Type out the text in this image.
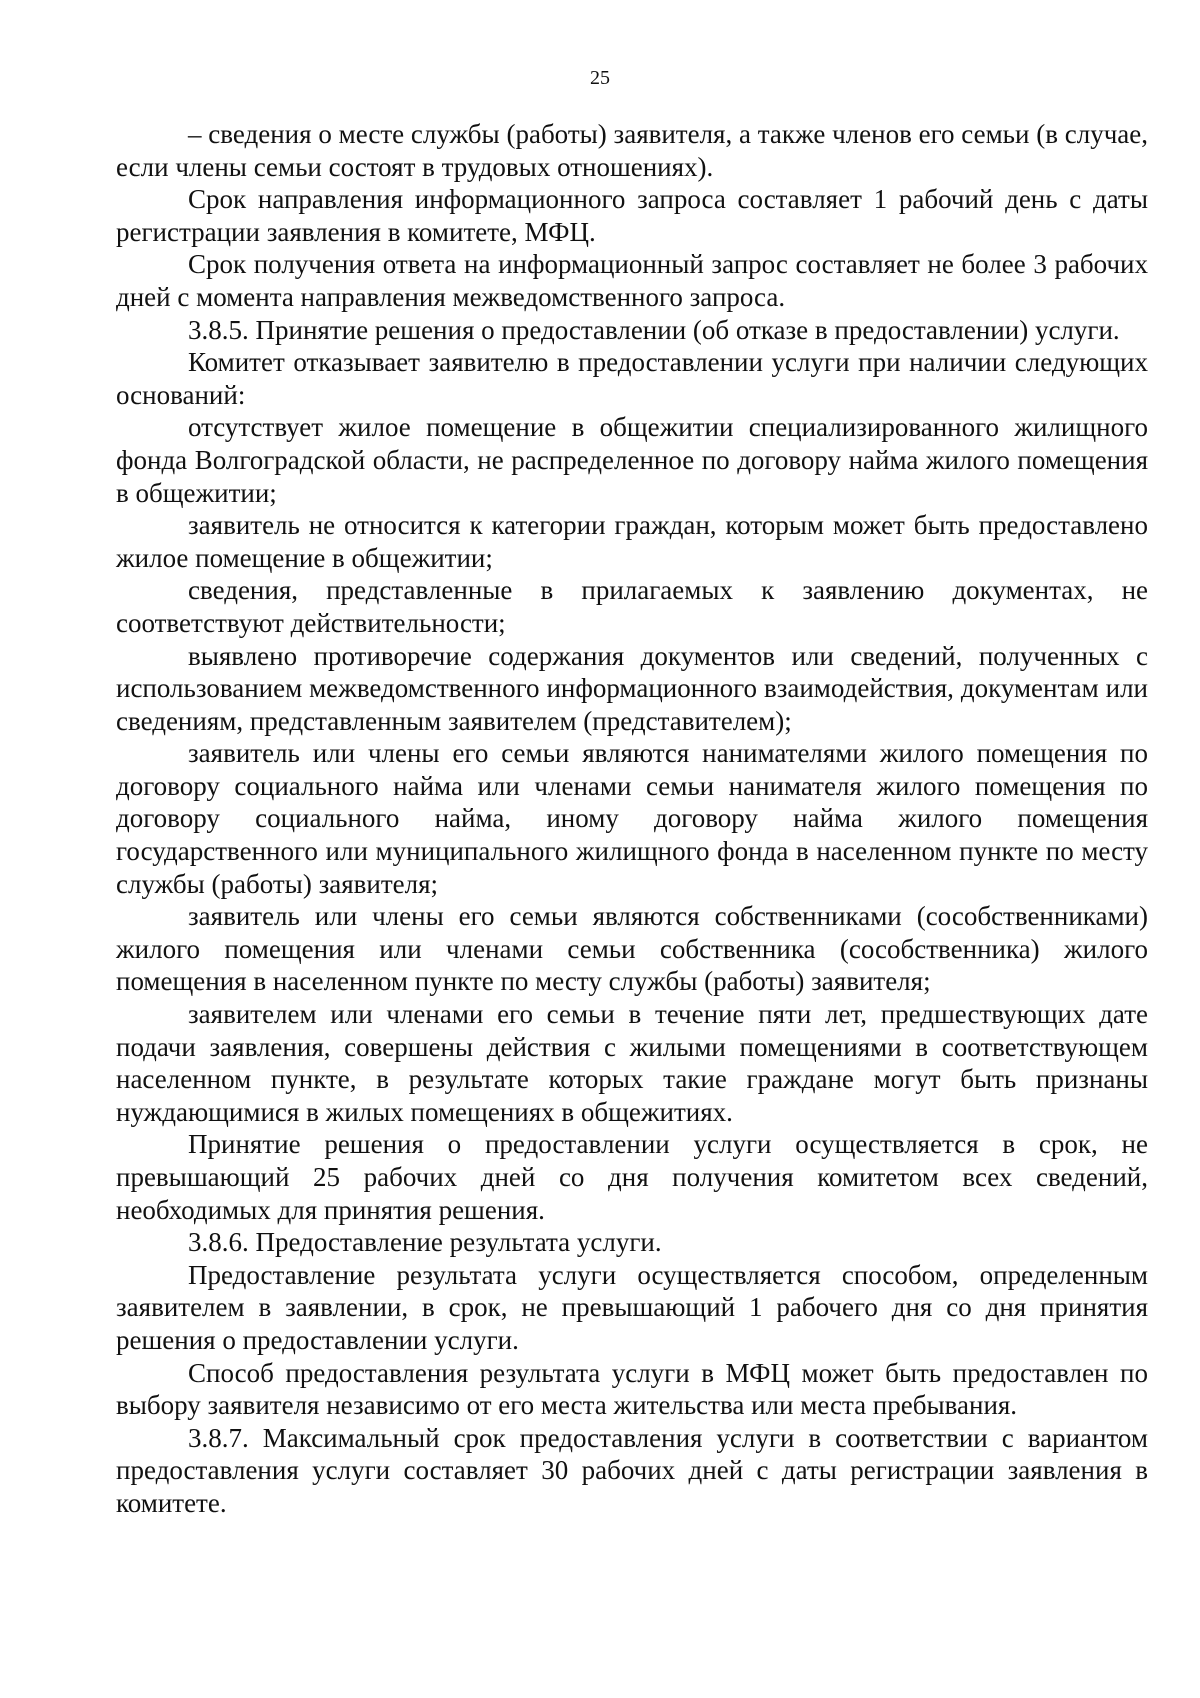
25

– сведения о месте службы (работы) заявителя, а также членов его семьи (в случае, если члены семьи состоят в трудовых отношениях).

Срок направления информационного запроса составляет 1 рабочий день с даты регистрации заявления в комитете, МФЦ.

Срок получения ответа на информационный запрос составляет не более 3 рабочих дней с момента направления межведомственного запроса.

3.8.5. Принятие решения о предоставлении (об отказе в предоставлении) услуги.

Комитет отказывает заявителю в предоставлении услуги при наличии следующих оснований:

отсутствует жилое помещение в общежитии специализированного жилищного фонда Волгоградской области, не распределенное по договору найма жилого помещения в общежитии;

заявитель не относится к категории граждан, которым может быть предоставлено жилое помещение в общежитии;

сведения, представленные в прилагаемых к заявлению документах, не соответствуют действительности;

выявлено противоречие содержания документов или сведений, полученных с использованием межведомственного информационного взаимодействия, документам или сведениям, представленным заявителем (представителем);

заявитель или члены его семьи являются нанимателями жилого помещения по договору социального найма или членами семьи нанимателя жилого помещения по договору социального найма, иному договору найма жилого помещения государственного или муниципального жилищного фонда в населенном пункте по месту службы (работы) заявителя;

заявитель или члены его семьи являются собственниками (сособственниками) жилого помещения или членами семьи собственника (сособственника) жилого помещения в населенном пункте по месту службы (работы) заявителя;

заявителем или членами его семьи в течение пяти лет, предшествующих дате подачи заявления, совершены действия с жилыми помещениями в соответствующем населенном пункте, в результате которых такие граждане могут быть признаны нуждающимися в жилых помещениях в общежитиях.

Принятие решения о предоставлении услуги осуществляется в срок, не превышающий 25 рабочих дней со дня получения комитетом всех сведений, необходимых для принятия решения.

3.8.6. Предоставление результата услуги.

Предоставление результата услуги осуществляется способом, определенным заявителем в заявлении, в срок, не превышающий 1 рабочего дня со дня принятия решения о предоставлении услуги.

Способ предоставления результата услуги в МФЦ может быть предоставлен по выбору заявителя независимо от его места жительства или места пребывания.

3.8.7. Максимальный срок предоставления услуги в соответствии с вариантом предоставления услуги составляет 30 рабочих дней с даты регистрации заявления в комитете.
